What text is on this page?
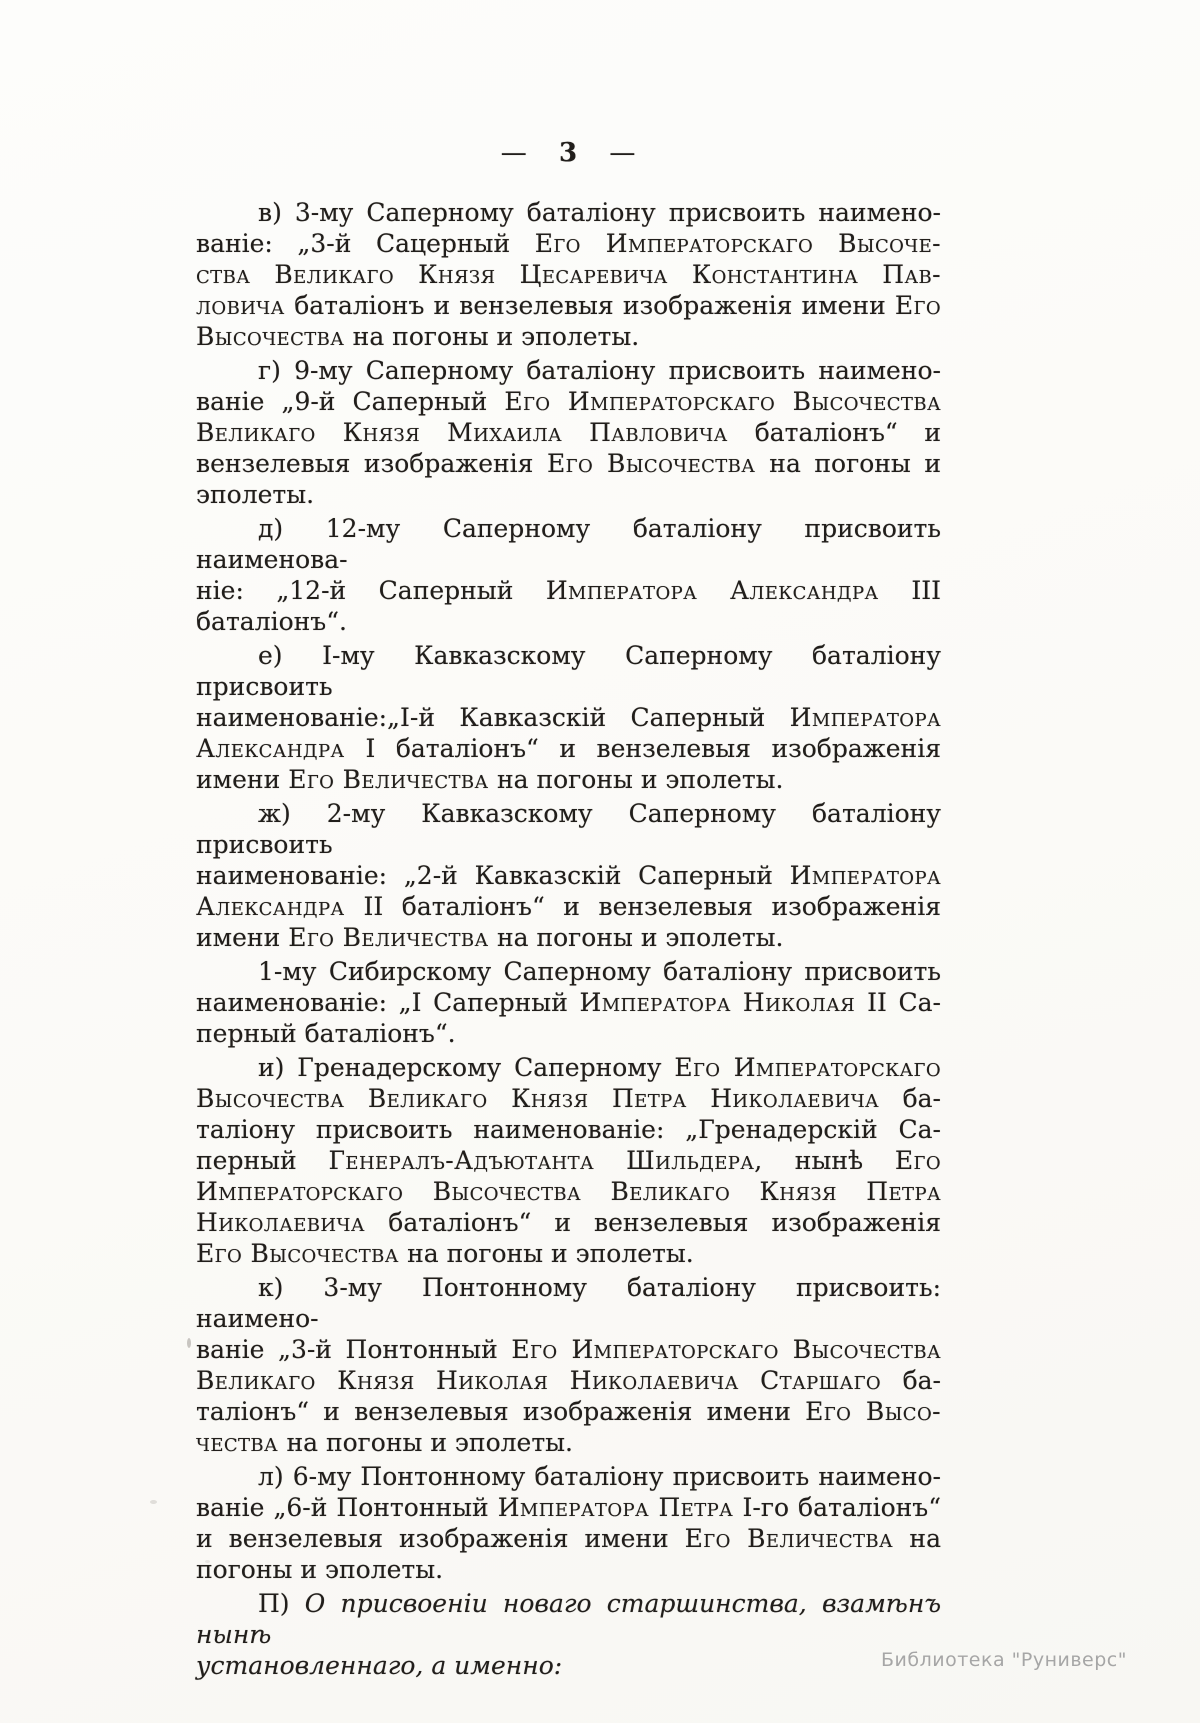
— 3 —
в) 3-му Саперному баталіону присвоить наимено-
ваніе: „3-й Сацерный Его Императорскаго Высоче-
ства Великаго Князя Цесаревича Константина Пав-
ловича баталіонъ и вензелевыя изображенія имени Его
Высочества на погоны и эполеты.
г) 9-му Саперному баталіону присвоить наимено-
ваніе „9-й Саперный Его Императорскаго Высочества
Великаго Князя Михаила Павловича баталіонъ“ и
вензелевыя изображенія Его Высочества на погоны и
эполеты.
д) 12-му Саперному баталіону присвоить наименова-
ніе: „12-й Саперный Императора Александра III
баталіонъ“.
е) I-му Кавказскому Саперному баталіону присвоить
наименованіе:„I-й Кавказскій Саперный Императора
Александра I баталіонъ“ и вензелевыя изображенія
имени Его Величества на погоны и эполеты.
ж) 2-му Кавказскому Саперному баталіону присвоить
наименованіе: „2-й Кавказскій Саперный Императора
Александра II баталіонъ“ и вензелевыя изображенія
имени Его Величества на погоны и эполеты.
1-му Сибирскому Саперному баталіону присвоить
наименованіе: „I Саперный Императора Николая II Са-
перный баталіонъ“.
и) Гренадерскому Саперному Его Императорскаго
Высочества Великаго Князя Петра Николаевича ба-
таліону присвоить наименованіе: „Гренадерскій Са-
перный Генералъ-Адъютанта Шильдера, нынѣ Его
Императорскаго Высочества Великаго Князя Петра
Николаевича баталіонъ“ и вензелевыя изображенія
Его Высочества на погоны и эполеты.
к) 3-му Понтонному баталіону присвоить: наимено-
ваніе „3-й Понтонный Его Императорскаго Высочества
Великаго Князя Николая Николаевича Старшаго ба-
таліонъ“ и вензелевыя изображенія имени Его Высо-
чества на погоны и эполеты.
л) 6-му Понтонному баталіону присвоить наимено-
ваніе „6-й Понтонный Императора Петра I-го баталіонъ“
и вензелевыя изображенія имени Его Величества на
погоны и эполеты.
П) О присвоеніи новаго старшинства, взамѣнъ нынѣ
установленнаго, а именно:	Библиотека "Руниверс"
